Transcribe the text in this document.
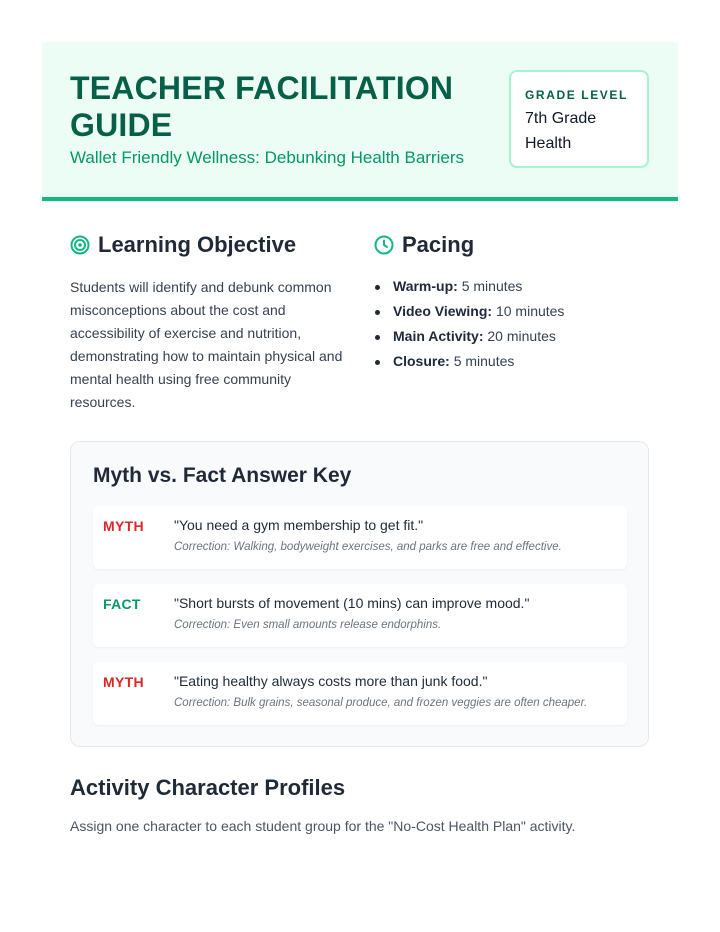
TEACHER FACILITATION GUIDE
Wallet Friendly Wellness: Debunking Health Barriers
GRADE LEVEL
7th Grade Health
Learning Objective
Students will identify and debunk common misconceptions about the cost and accessibility of exercise and nutrition, demonstrating how to maintain physical and mental health using free community resources.
Pacing
Warm-up: 5 minutes
Video Viewing: 10 minutes
Main Activity: 20 minutes
Closure: 5 minutes
Myth vs. Fact Answer Key
MYTH "You need a gym membership to get fit."
Correction: Walking, bodyweight exercises, and parks are free and effective.
FACT "Short bursts of movement (10 mins) can improve mood."
Correction: Even small amounts release endorphins.
MYTH "Eating healthy always costs more than junk food."
Correction: Bulk grains, seasonal produce, and frozen veggies are often cheaper.
Activity Character Profiles
Assign one character to each student group for the "No-Cost Health Plan" activity.
